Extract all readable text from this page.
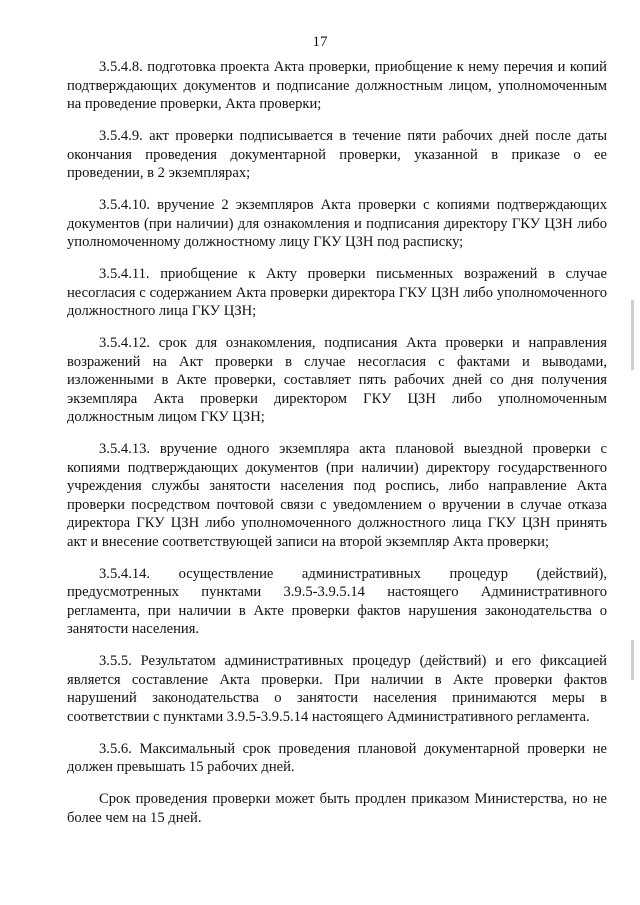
17

3.5.4.8. подготовка проекта Акта проверки, приобщение к нему перечия и копий подтверждающих документов и подписание должностным лицом, уполномоченным на проведение проверки, Акта проверки;

3.5.4.9. акт проверки подписывается в течение пяти рабочих дней после даты окончания проведения документарной проверки, указанной в приказе о ее проведении, в 2 экземплярах;

3.5.4.10. вручение 2 экземпляров Акта проверки с копиями подтверждающих документов (при наличии) для ознакомления и подписания директору ГКУ ЦЗН либо уполномоченному должностному лицу ГКУ ЦЗН под расписку;

3.5.4.11. приобщение к Акту проверки письменных возражений в случае несогласия с содержанием Акта проверки директора ГКУ ЦЗН либо уполномоченного должностного лица ГКУ ЦЗН;

3.5.4.12. срок для ознакомления, подписания Акта проверки и направления возражений на Акт проверки в случае несогласия с фактами и выводами, изложенными в Акте проверки, составляет пять рабочих дней со дня получения экземпляра Акта проверки директором ГКУ ЦЗН либо уполномоченным должностным лицом ГКУ ЦЗН;

3.5.4.13. вручение одного экземпляра акта плановой выездной проверки с копиями подтверждающих документов (при наличии) директору государственного учреждения службы занятости населения под роспись, либо направление Акта проверки посредством почтовой связи с уведомлением о вручении в случае отказа директора ГКУ ЦЗН либо уполномоченного должностного лица ГКУ ЦЗН принять акт и внесение соответствующей записи на второй экземпляр Акта проверки;

3.5.4.14. осуществление административных процедур (действий), предусмотренных пунктами 3.9.5-3.9.5.14 настоящего Административного регламента, при наличии в Акте проверки фактов нарушения законодательства о занятости населения.

3.5.5. Результатом административных процедур (действий) и его фиксацией является составление Акта проверки. При наличии в Акте проверки фактов нарушений законодательства о занятости населения принимаются меры в соответствии с пунктами 3.9.5-3.9.5.14 настоящего Административного регламента.

3.5.6. Максимальный срок проведения плановой документарной проверки не должен превышать 15 рабочих дней.

Срок проведения проверки может быть продлен приказом Министерства, но не более чем на 15 дней.
